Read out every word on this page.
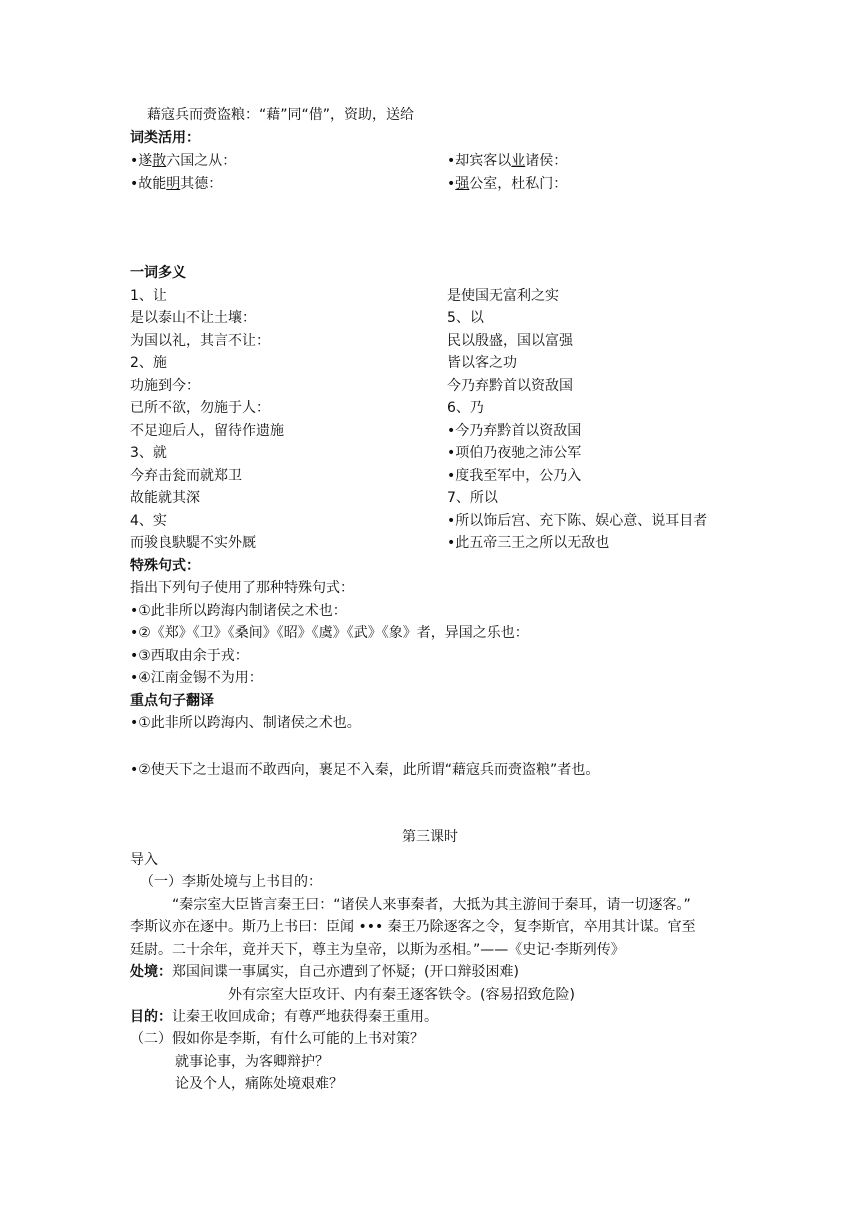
藉寇兵而赍盗粮：“藉”同“借”，资助，送给
词类活用：
•遂散六国之从：	•却宾客以业诸侯：
•故能明其德：	•强公室，杜私门：
一词多义
1、让
是以泰山不让土壤：
为国以礼，其言不让：
2、施
功施到今：
已所不欲，勿施于人：
不足迎后人，留待作遗施
3、就
今弃击瓮而就郑卫
故能就其深
4、实
而骏良駃騠不实外厩
是使国无富利之实
5、以
民以殷盛，国以富强
皆以客之功
今乃弃黔首以资敌国
6、乃
•今乃弃黔首以资敌国
•项伯乃夜驰之沛公军
•度我至军中，公乃入
7、所以
•所以饰后宫、充下陈、娱心意、说耳目者
•此五帝三王之所以无敌也
特殊句式：
指出下列句子使用了那种特殊句式：
•①此非所以跨海内制诸侯之术也：
•②《郑》《卫》《桑间》《昭》《虞》《武》《象》者，异国之乐也：
•③西取由余于戎：
•④江南金锡不为用：
重点句子翻译
•①此非所以跨海内、制诸侯之术也。
•②使天下之士退而不敢西向，裹足不入秦，此所谓“藉寇兵而赍盗粮”者也。
第三课时
导入
（一）李斯处境与上书目的：
“秦宗室大臣皆言秦王曰：“诸侯人来事秦者，大抵为其主游间于秦耳，请一切逐客。”
李斯议亦在逐中。斯乃上书曰：臣闻 ••• 秦王乃除逐客之令，复李斯官，卒用其计谋。官至
廷尉。二十余年，竟并天下，尊主为皇帝，以斯为丞相。”——《史记·李斯列传》
处境：郑国间谍一事属实，自己亦遭到了怀疑；(开口辩驳困难)
外有宗室大臣攻讦、内有秦王逐客铁令。(容易招致危险)
目的：让秦王收回成命；有尊严地获得秦王重用。
（二）假如你是李斯，有什么可能的上书对策？
就事论事，为客卿辩护？
论及个人，痛陈处境艰难？
